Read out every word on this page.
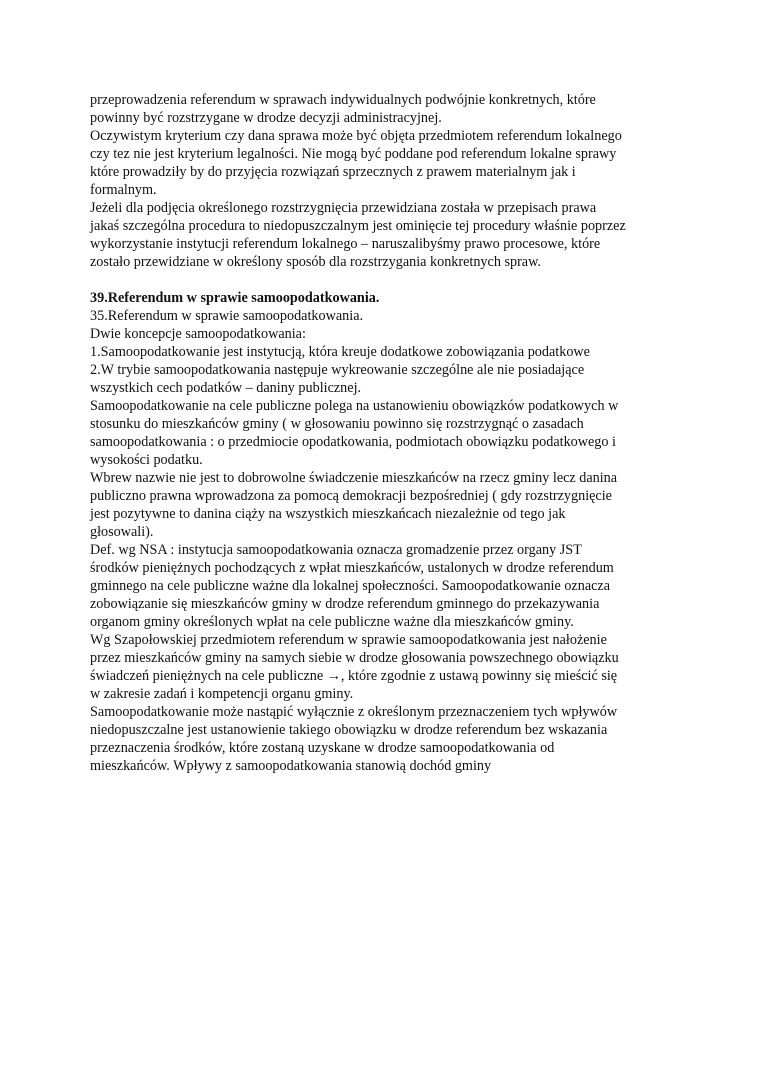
przeprowadzenia referendum w sprawach indywidualnych podwójnie konkretnych, które
powinny być rozstrzygane w drodze decyzji administracyjnej.
Oczywistym kryterium czy dana sprawa może być objęta przedmiotem referendum lokalnego
czy tez nie jest kryterium legalności. Nie mogą być poddane pod referendum lokalne sprawy
które prowadziły by do przyjęcia rozwiązań sprzecznych z prawem materialnym jak i
formalnym.
Jeżeli dla podjęcia określonego rozstrzygnięcia przewidziana została w przepisach prawa
jakaś szczególna procedura to niedopuszczalnym jest ominięcie tej procedury właśnie poprzez
wykorzystanie instytucji referendum lokalnego – naruszalibyśmy prawo procesowe, które
zostało przewidziane w określony sposób dla rozstrzygania konkretnych spraw.
39.Referendum w sprawie samoopodatkowania.
35.Referendum w sprawie samoopodatkowania.
Dwie koncepcje samoopodatkowania:
1.Samoopodatkowanie jest instytucją, która kreuje dodatkowe zobowiązania podatkowe
2.W trybie samoopodatkowania następuje wykreowanie szczególne ale nie posiadające
wszystkich cech podatków – daniny publicznej.
Samoopodatkowanie na cele publiczne polega na ustanowieniu obowiązków podatkowych w
stosunku do mieszkańców gminy ( w głosowaniu powinno się rozstrzygnąć o zasadach
samoopodatkowania : o przedmiocie opodatkowania, podmiotach obowiązku podatkowego i
wysokości podatku.
Wbrew nazwie nie jest to dobrowolne świadczenie mieszkańców na rzecz gminy lecz danina
publiczno prawna wprowadzona za pomocą demokracji bezpośredniej ( gdy rozstrzygnięcie
jest pozytywne to danina ciąży na wszystkich mieszkańcach niezależnie od tego jak
głosowali).
Def. wg NSA : instytucja samoopodatkowania oznacza gromadzenie przez organy JST
środków pieniężnych pochodzących z wpłat mieszkańców, ustalonych w drodze referendum
gminnego na cele publiczne ważne dla lokalnej społeczności. Samoopodatkowanie oznacza
zobowiązanie się mieszkańców gminy w drodze referendum gminnego do przekazywania
organom gminy określonych wpłat na cele publiczne ważne dla mieszkańców gminy.
Wg Szapołowskiej przedmiotem referendum w sprawie samoopodatkowania jest nałożenie
przez mieszkańców gminy na samych siebie w drodze głosowania powszechnego obowiązku
świadczeń pieniężnych na cele publiczne →, które zgodnie z ustawą powinny się mieścić się
w zakresie zadań i kompetencji organu gminy.
Samoopodatkowanie może nastąpić wyłącznie z określonym przeznaczeniem tych wpływów
niedopuszczalne jest ustanowienie takiego obowiązku w drodze referendum bez wskazania
przeznaczenia środków, które zostaną uzyskane w drodze samoopodatkowania od
mieszkańców. Wpływy z samoopodatkowania stanowią dochód gminy
